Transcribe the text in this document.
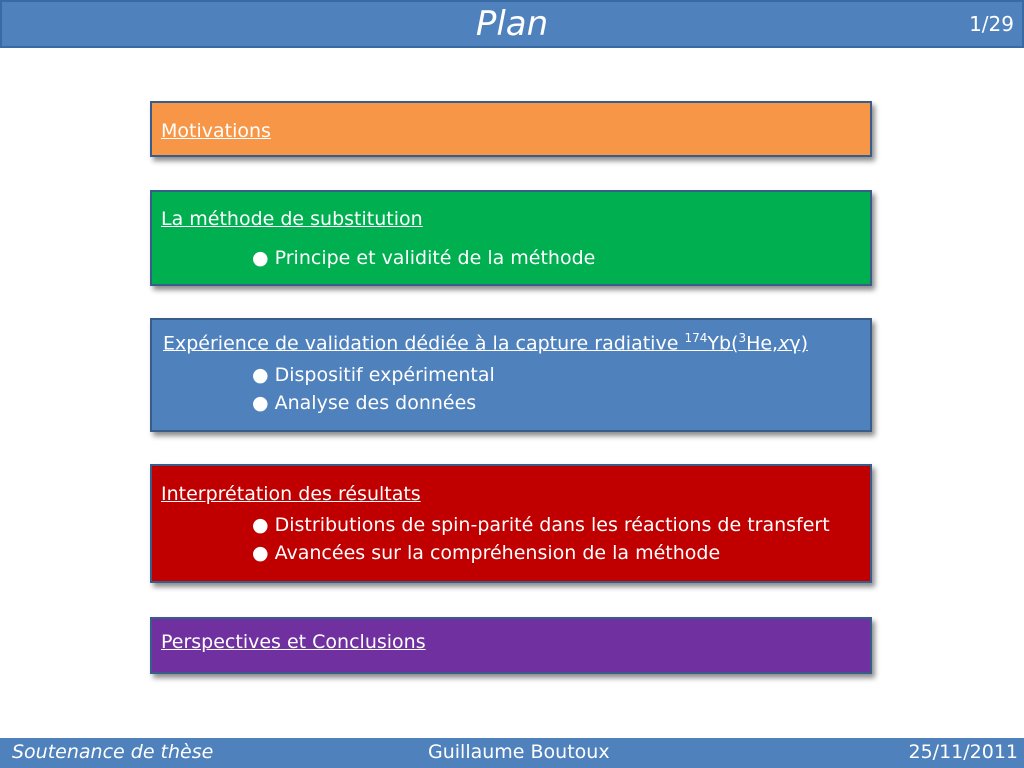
Plan	1/29
Motivations
La méthode de substitution
● Principe et validité de la méthode
Expérience de validation dédiée à la capture radiative $^{174}$Yb($^3$He,xγ)
● Dispositif expérimental
● Analyse des données
Interprétation des résultats
● Distributions de spin-parité dans les réactions de transfert
● Avancées sur la compréhension de la méthode
Perspectives et Conclusions
Soutenance de thèse	Guillaume Boutoux	25/11/2011
